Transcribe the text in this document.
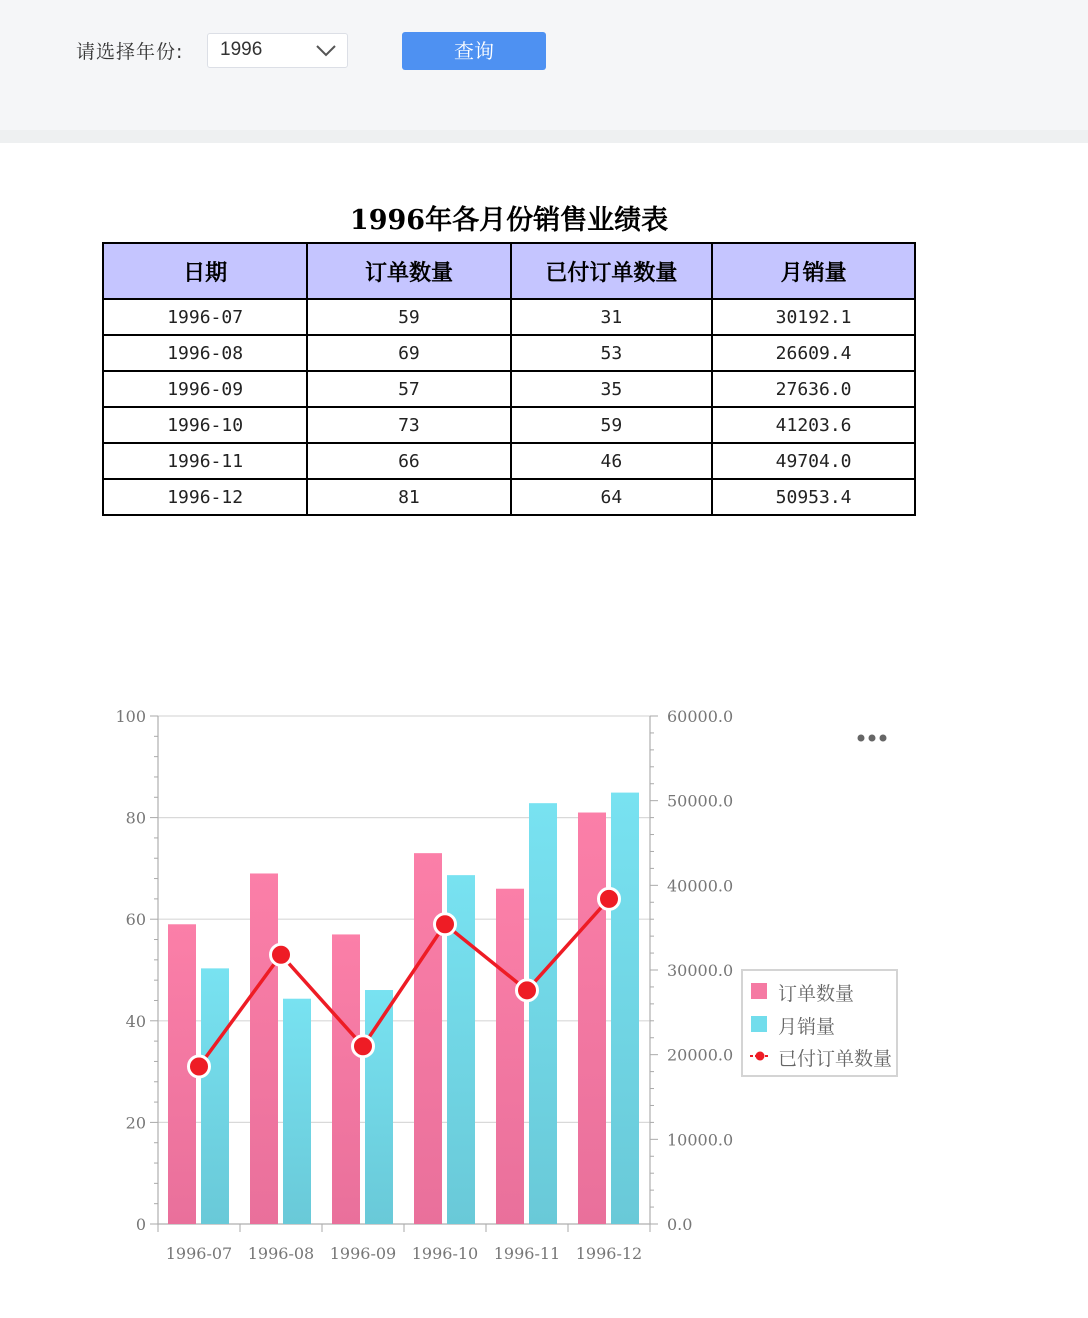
请选择年份: 1996	查询
1996年各月份销售业绩表
日期	订单数量	已付订单数量	月销量
1996-07	59	31	30192.1
1996-08	69	53	26609.4
1996-09	57	35	27636.0
1996-10	73	59	41203.6
1996-11	66	46	49704.0
1996-12	81	64	50953.4
0
20
40
60
80
100
0.0
10000.0
20000.0
30000.0
40000.0
50000.0
60000.0
1996-07 1996-08 1996-09 1996-10 1996-11 1996-12
订单数量
月销量
已付订单数量
